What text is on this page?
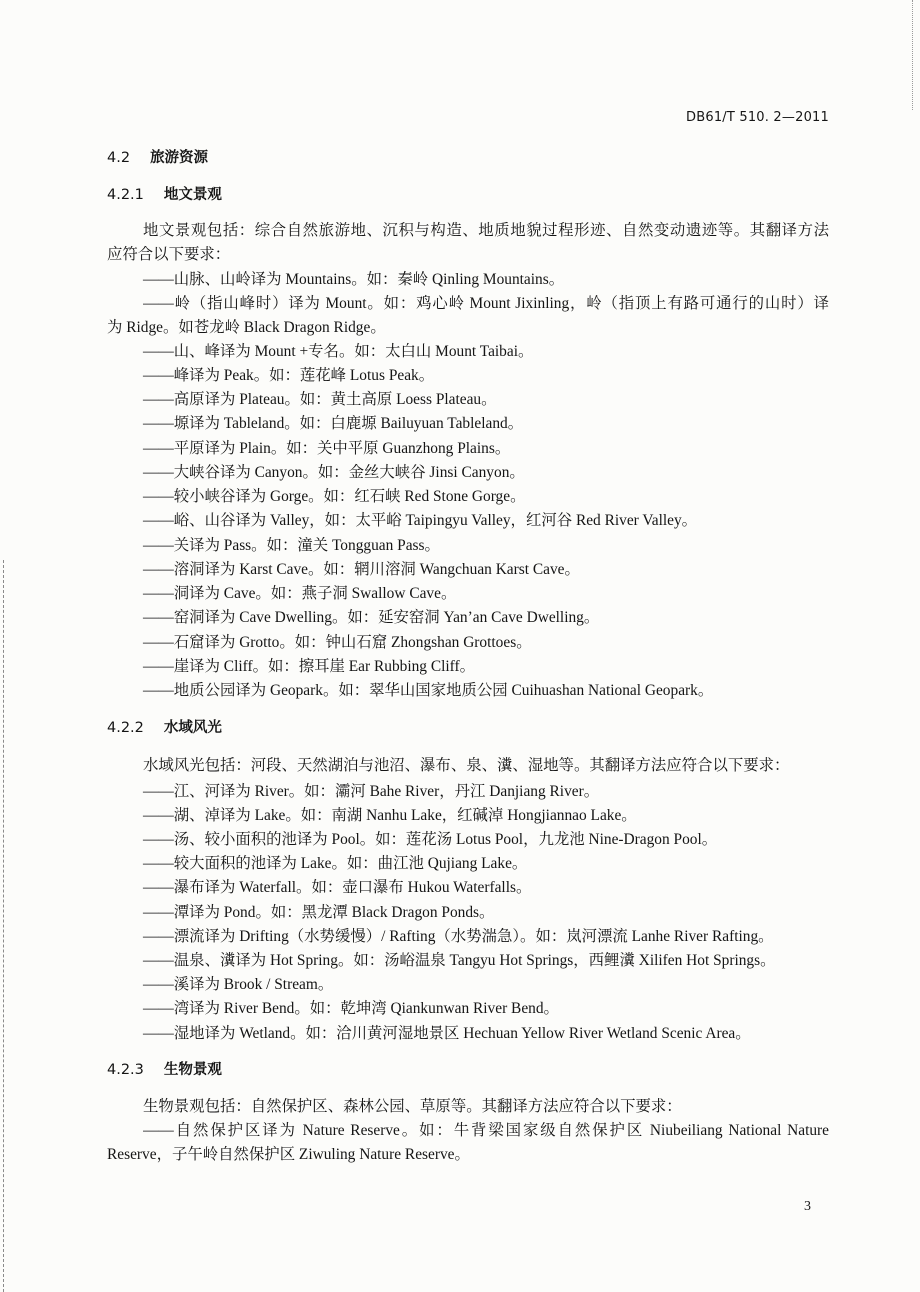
DB61/T 510. 2—2011
4.2 旅游资源
4.2.1 地文景观
地文景观包括：综合自然旅游地、沉积与构造、地质地貌过程形迹、自然变动遗迹等。其翻译方法
应符合以下要求：
——山脉、山岭译为 Mountains。如：秦岭 Qinling Mountains。
——岭（指山峰时）译为 Mount。如：鸡心岭 Mount Jixinling，岭（指顶上有路可通行的山时）译
为 Ridge。如苍龙岭 Black Dragon Ridge。
——山、峰译为 Mount +专名。如：太白山 Mount Taibai。
——峰译为 Peak。如：莲花峰 Lotus Peak。
——高原译为 Plateau。如：黄土高原 Loess Plateau。
——塬译为 Tableland。如：白鹿塬 Bailuyuan Tableland。
——平原译为 Plain。如：关中平原 Guanzhong Plains。
——大峡谷译为 Canyon。如：金丝大峡谷 Jinsi Canyon。
——较小峡谷译为 Gorge。如：红石峡 Red Stone Gorge。
——峪、山谷译为 Valley，如：太平峪 Taipingyu Valley，红河谷 Red River Valley。
——关译为 Pass。如：潼关 Tongguan Pass。
——溶洞译为 Karst Cave。如：辋川溶洞 Wangchuan Karst Cave。
——洞译为 Cave。如：燕子洞 Swallow Cave。
——窑洞译为 Cave Dwelling。如：延安窑洞 Yan’an Cave Dwelling。
——石窟译为 Grotto。如：钟山石窟 Zhongshan Grottoes。
——崖译为 Cliff。如：擦耳崖 Ear Rubbing Cliff。
——地质公园译为 Geopark。如：翠华山国家地质公园 Cuihuashan National Geopark。
4.2.2 水域风光
水域风光包括：河段、天然湖泊与池沼、瀑布、泉、瀵、湿地等。其翻译方法应符合以下要求：
——江、河译为 River。如：灞河 Bahe River，丹江 Danjiang River。
——湖、淖译为 Lake。如：南湖 Nanhu Lake，红碱淖 Hongjiannao Lake。
——汤、较小面积的池译为 Pool。如：莲花汤 Lotus Pool，九龙池 Nine-Dragon Pool。
——较大面积的池译为 Lake。如：曲江池 Qujiang Lake。
——瀑布译为 Waterfall。如：壶口瀑布 Hukou Waterfalls。
——潭译为 Pond。如：黑龙潭 Black Dragon Ponds。
——漂流译为 Drifting（水势缓慢）/ Rafting（水势湍急）。如：岚河漂流 Lanhe River Rafting。
——温泉、瀵译为 Hot Spring。如：汤峪温泉 Tangyu Hot Springs，西鲤瀵 Xilifen Hot Springs。
——溪译为 Brook / Stream。
——湾译为 River Bend。如：乾坤湾 Qiankunwan River Bend。
——湿地译为 Wetland。如：洽川黄河湿地景区 Hechuan Yellow River Wetland Scenic Area。
4.2.3 生物景观
生物景观包括：自然保护区、森林公园、草原等。其翻译方法应符合以下要求：
——自然保护区译为 Nature Reserve。如：牛背梁国家级自然保护区 Niubeiliang National Nature
Reserve，子午岭自然保护区 Ziwuling Nature Reserve。
3
